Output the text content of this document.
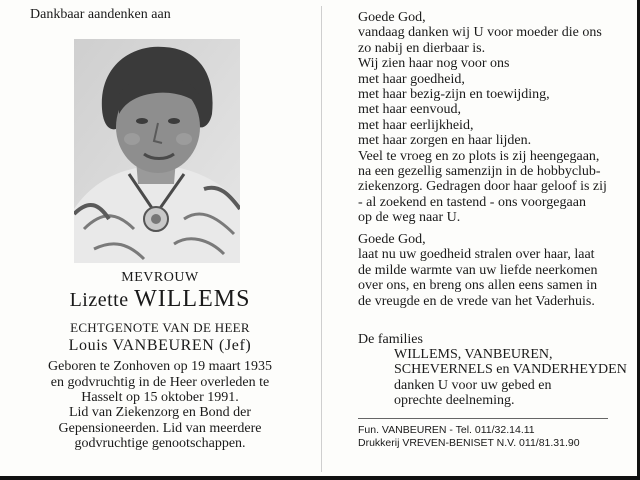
Dankbaar aandenken aan
MEVROUW
Lizette WILLEMS
ECHTGENOTE VAN DE HEER
Louis VANBEUREN (Jef)
Geboren te Zonhoven op 19 maart 1935
en godvruchtig in de Heer overleden te
Hasselt op 15 oktober 1991.
Lid van Ziekenzorg en Bond der
Gepensioneerden. Lid van meerdere
godvruchtige genootschappen.
Goede God,
vandaag danken wij U voor moeder die ons
zo nabij en dierbaar is.
Wij zien haar nog voor ons
met haar goedheid,
met haar bezig-zijn en toewijding,
met haar eenvoud,
met haar eerlijkheid,
met haar zorgen en haar lijden.
Veel te vroeg en zo plots is zij heengegaan,
na een gezellig samenzijn in de hobbyclub-
ziekenzorg. Gedragen door haar geloof is zij
- al zoekend en tastend - ons voorgegaan
op de weg naar U.
Goede God,
laat nu uw goedheid stralen over haar, laat
de milde warmte van uw liefde neerkomen
over ons, en breng ons allen eens samen in
de vreugde en de vrede van het Vaderhuis.
De families
WILLEMS, VANBEUREN,
SCHEVERNELS en VANDERHEYDEN
danken U voor uw gebed en
oprechte deelneming.
Fun. VANBEUREN - Tel. 011/32.14.11
Drukkerij VREVEN-BENISET N.V. 011/81.31.90
